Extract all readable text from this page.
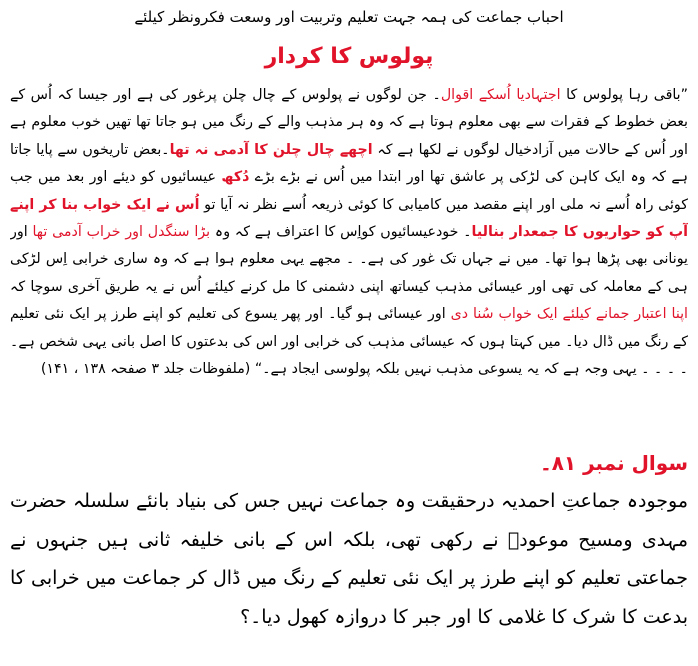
احباب جماعت کی ہمہ جہت تعلیم وتربیت اور وسعت فکرونظر کیلئے
پولوس کا کردار

”باقی رہا پولوس کا اجتہادیا اُسکے اقوال۔ جن لوگوں نے پولوس کے چال چلن پرغور کی ہے اور جیسا کہ اُس کے بعض خطوط کے فقرات سے بھی معلوم ہوتا ہے کہ وہ ہر مذہب والے کے رنگ میں ہو جاتا تھا تھیں خوب معلوم ہے اور اُس کے حالات میں آزادخیال لوگوں نے لکھا ہے کہ اچھے چال چلن کا آدمی نہ تھا۔بعض تاریخوں سے پایا جاتا ہے کہ وہ ایک کاہن کی لڑکی پر عاشق تھا اور ابتدا میں اُس نے بڑے بڑے دُکھ عیسائیوں کو دیئے اور بعد میں جب کوئی راہ اُسے نہ ملی اور اپنے مقصد میں کامیابی کا کوئی ذریعہ اُسے نظر نہ آیا تو اُس نے ایک خواب بنا کر اپنے آپ کو حواریوں کا جمعدار بنالیا۔ خودعیسائیوں کواِس کا اعتراف ہے کہ وہ بڑا سنگدل اور خراب آدمی تھا اور یونانی بھی پڑھا ہوا تھا۔ میں نے جہاں تک غور کی ہے۔ ۔ مجھے یہی معلوم ہوا ہے کہ وہ ساری خرابی اِس لڑکی ہی کے معاملہ کی تھی اور عیسائی مذہب کیساتھ اپنی دشمنی کا مل کرنے کیلئے اُس نے یہ طریق آخری سوچا کہ اپنا اعتبار جمانے کیلئے ایک خواب سُنا دی اور عیسائی ہو گیا۔ اور پھر یسوع کی تعلیم کو اپنے طرز پر ایک نئی تعلیم کے رنگ میں ڈال دیا۔ میں کہتا ہوں کہ عیسائی مذہب کی خرابی اور اس کی بدعتوں کا اصل بانی یہی شخص ہے۔ ۔ ۔ ۔ ۔ یہی وجہ ہے کہ یہ یسوعی مذہب نہیں بلکہ پولوسی ایجاد ہے۔“ (ملفوظات جلد ۳ صفحہ ۱۳۸ ، ۱۴۱)

سوال نمبر ۸۱۔

موجودہ جماعتِ احمدیہ درحقیقت وہ جماعت نہیں جس کی بنیاد بانئے سلسلہ حضرت مہدی ومسیح موعودؑ نے رکھی تھی، بلکہ اس کے بانی خلیفہ ثانی ہیں جنہوں نے جماعتی تعلیم کو اپنے طرز پر ایک نئی تعلیم کے رنگ میں ڈال کر جماعت میں خرابی کا بدعت کا شرک کا غلامی کا اور جبر کا دروازہ کھول دیا۔؟
